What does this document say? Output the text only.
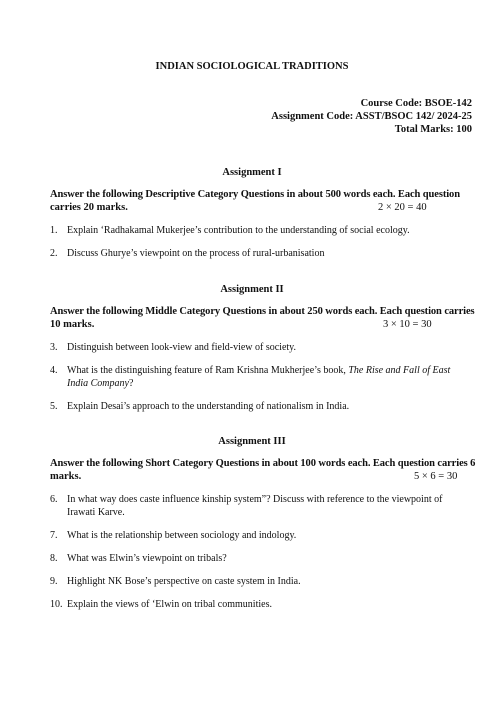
INDIAN SOCIOLOGICAL TRADITIONS

Course Code: BSOE-142

Assignment Code: ASST/BSOC 142/ 2024-25

Total Marks: 100

Assignment I

Answer the following Descriptive Category Questions in about 500 words each. Each question

carries 20 marks.	2 × 20 = 40

1. Explain ‘Radhakamal Mukerjee’s contribution to the understanding of social ecology.

2. Discuss Ghurye’s viewpoint on the process of rural-urbanisation

Assignment II

Answer the following Middle Category Questions in about 250 words each. Each question carries

10 marks.	3 × 10 = 30

3. Distinguish between look-view and field-view of society.

4. What is the distinguishing feature of Ram Krishna Mukherjee’s book, The Rise and Fall of East

India Company?

5. Explain Desai’s approach to the understanding of nationalism in India.

Assignment III

Answer the following Short Category Questions in about 100 words each. Each question carries 6

marks.	5 × 6 = 30

6. In what way does caste influence kinship system”? Discuss with reference to the viewpoint of

Irawati Karve.

7. What is the relationship between sociology and indology.

8. What was Elwin’s viewpoint on tribals?

9. Highlight NK Bose’s perspective on caste system in India.

10. Explain the views of ‘Elwin on tribal communities.
